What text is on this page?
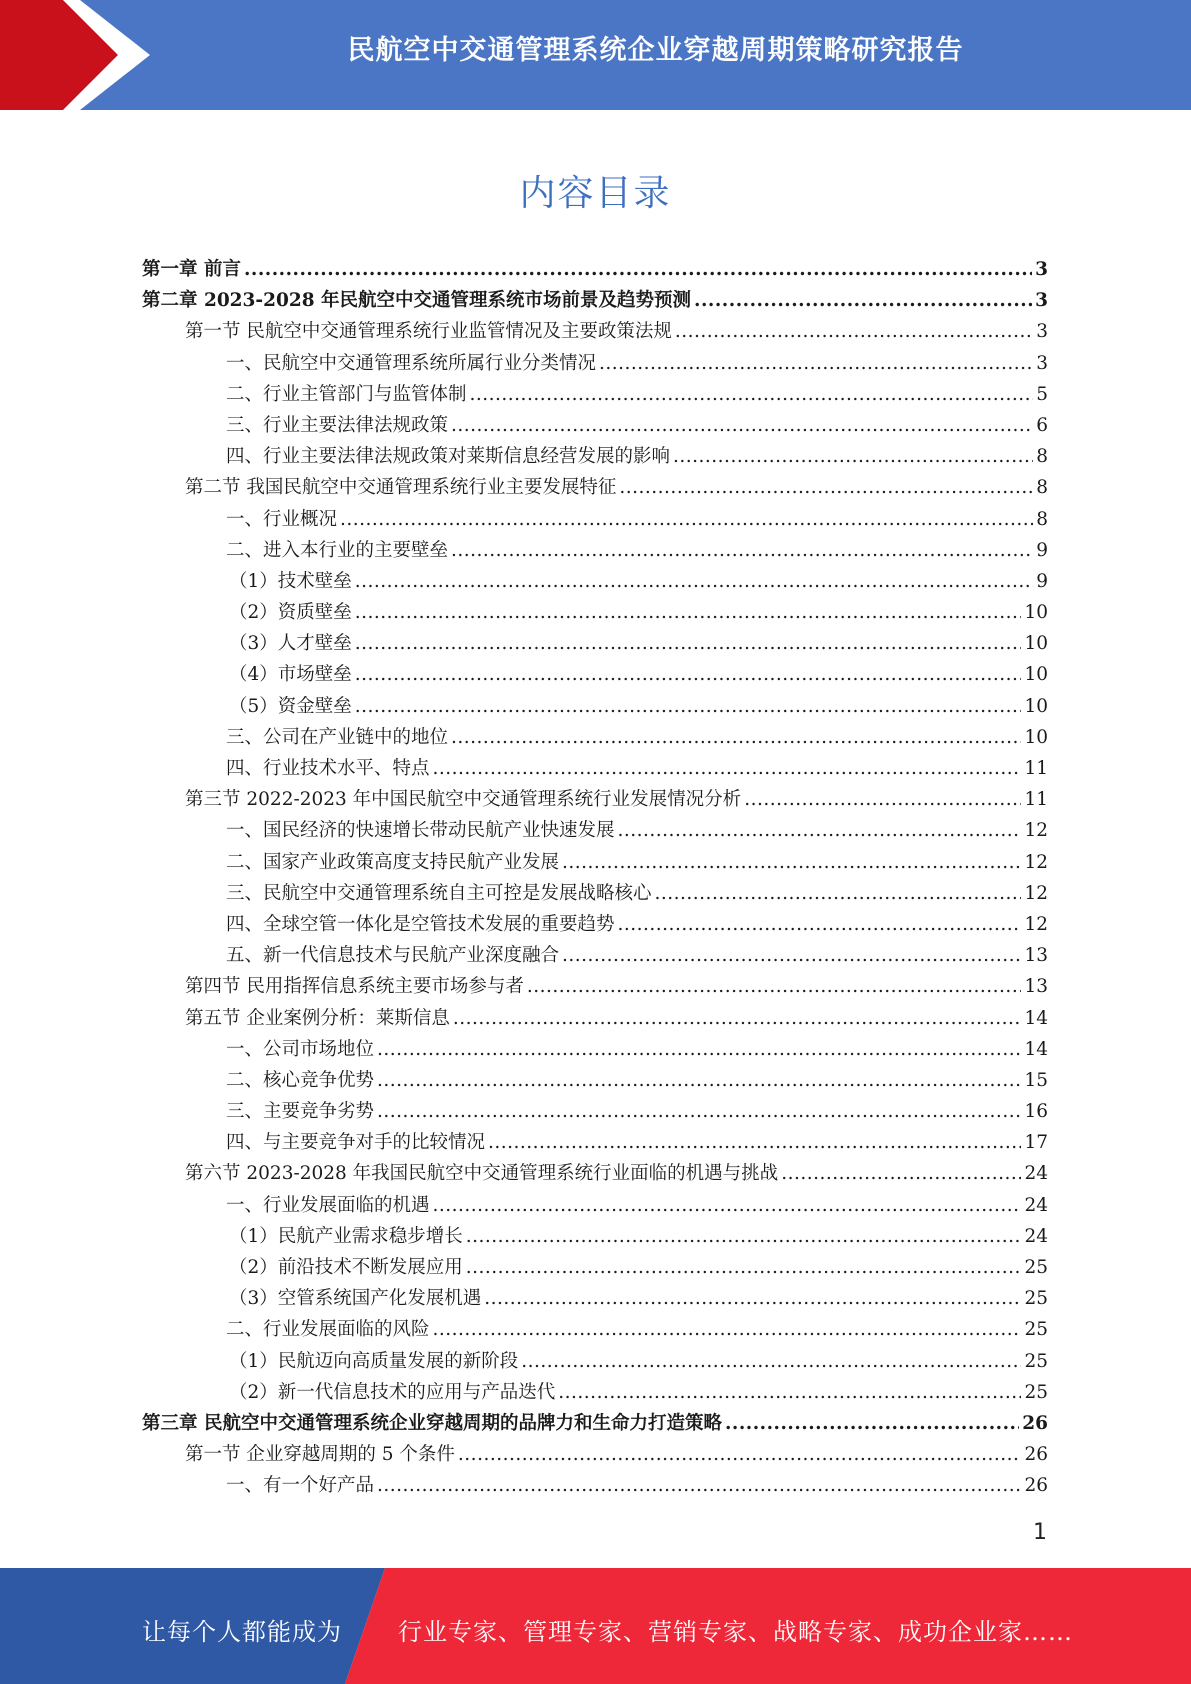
民航空中交通管理系统企业穿越周期策略研究报告
内容目录
第一章 前言 .....	3
第二章 2023-2028 年民航空中交通管理系统市场前景及趋势预测 .....	3
第一节 民航空中交通管理系统行业监管情况及主要政策法规 .....	3
一、民航空中交通管理系统所属行业分类情况 .....	3
二、行业主管部门与监管体制 .....	5
三、行业主要法律法规政策 .....	6
四、行业主要法律法规政策对莱斯信息经营发展的影响 .....	8
第二节 我国民航空中交通管理系统行业主要发展特征 .....	8
一、行业概况 .....	8
二、进入本行业的主要壁垒 .....	9
（1）技术壁垒 .....	9
（2）资质壁垒 .....	10
（3）人才壁垒 .....	10
（4）市场壁垒 .....	10
（5）资金壁垒 .....	10
三、公司在产业链中的地位 .....	10
四、行业技术水平、特点 .....	11
第三节 2022-2023 年中国民航空中交通管理系统行业发展情况分析 .....	11
一、国民经济的快速增长带动民航产业快速发展 .....	12
二、国家产业政策高度支持民航产业发展 .....	12
三、民航空中交通管理系统自主可控是发展战略核心 .....	12
四、全球空管一体化是空管技术发展的重要趋势 .....	12
五、新一代信息技术与民航产业深度融合 .....	13
第四节 民用指挥信息系统主要市场参与者 .....	13
第五节 企业案例分析：莱斯信息 .....	14
一、公司市场地位 .....	14
二、核心竞争优势 .....	15
三、主要竞争劣势 .....	16
四、与主要竞争对手的比较情况 .....	17
第六节 2023-2028 年我国民航空中交通管理系统行业面临的机遇与挑战 .....	24
一、行业发展面临的机遇 .....	24
（1）民航产业需求稳步增长 .....	24
（2）前沿技术不断发展应用 .....	25
（3）空管系统国产化发展机遇 .....	25
二、行业发展面临的风险 .....	25
（1）民航迈向高质量发展的新阶段 .....	25
（2）新一代信息技术的应用与产品迭代 .....	25
第三章 民航空中交通管理系统企业穿越周期的品牌力和生命力打造策略 .....	26
第一节 企业穿越周期的 5 个条件 .....	26
一、有一个好产品 .....	26
1
让每个人都能成为 行业专家、管理专家、营销专家、战略专家、成功企业家……
